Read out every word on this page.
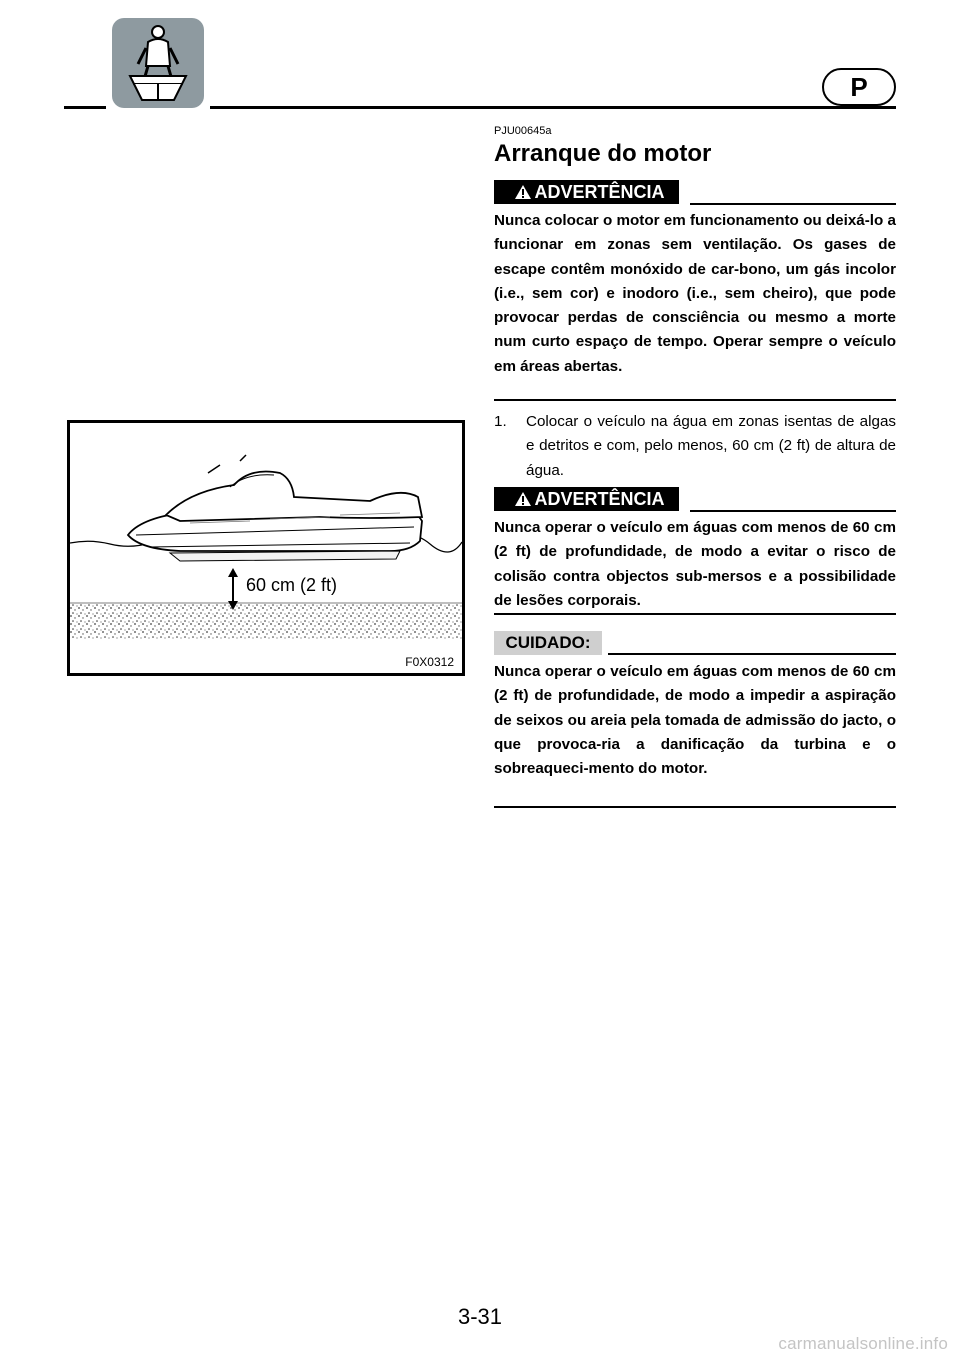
P
PJU00645a
Arranque do motor
ADVERTÊNCIA

Nunca colocar o motor em funcionamento ou deixá-lo a funcionar em zonas sem ventilação. Os gases de escape contêm monóxido de car-bono, um gás incolor (i.e., sem cor) e inodoro (i.e., sem cheiro), que pode provocar perdas de consciência ou mesmo a morte num curto espaço de tempo. Operar sempre o veículo em áreas abertas.

1. Colocar o veículo na água em zonas isentas de algas e detritos e com, pelo menos, 60 cm (2 ft) de altura de água.
ADVERTÊNCIA

Nunca operar o veículo em águas com menos de 60 cm (2 ft) de profundidade, de modo a evitar o risco de colisão contra objectos sub-mersos e a possibilidade de lesões corporais.

CUIDADO:

Nunca operar o veículo em águas com menos de 60 cm (2 ft) de profundidade, de modo a impedir a aspiração de seixos ou areia pela tomada de admissão do jacto, o que provoca-ria a danificação da turbina e o sobreaqueci-mento do motor.

60 cm (2 ft)
F0X0312
3-31
carmanualsonline.info
